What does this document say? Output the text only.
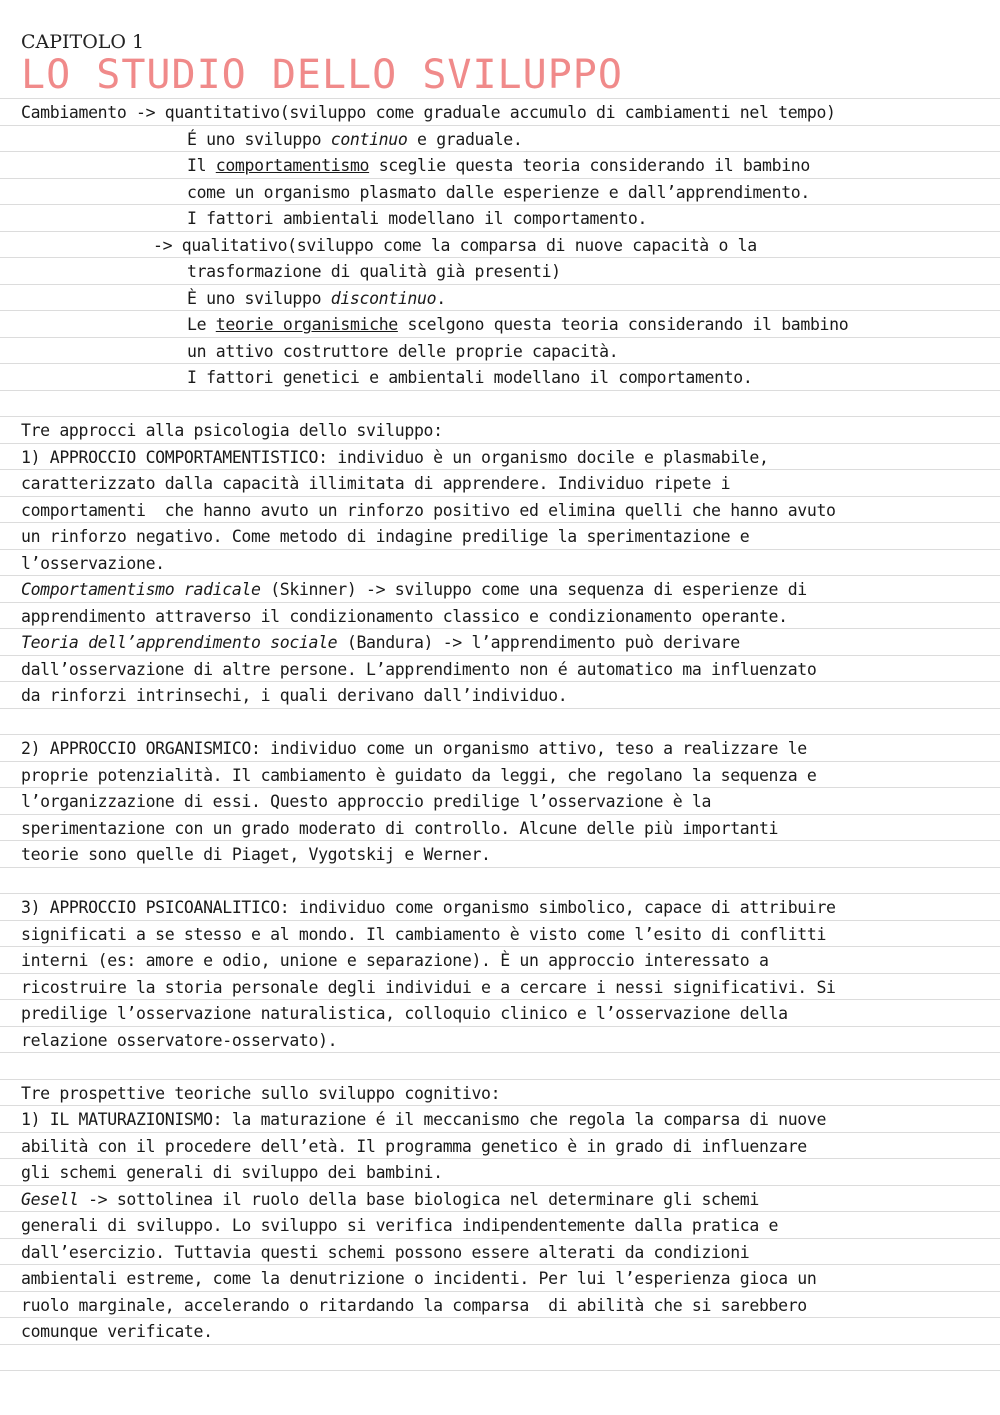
CAPITOLO 1
LO STUDIO DELLO SVILUPPO
Cambiamento -> quantitativo(sviluppo come graduale accumulo di cambiamenti nel tempo)
É uno sviluppo continuo e graduale.
Il comportamentismo sceglie questa teoria considerando il bambino
come un organismo plasmato dalle esperienze e dall’apprendimento.
I fattori ambientali modellano il comportamento.
-> qualitativo(sviluppo come la comparsa di nuove capacità o la
trasformazione di qualità già presenti)
È uno sviluppo discontinuo.
Le teorie organismiche scelgono questa teoria considerando il bambino
un attivo costruttore delle proprie capacità.
I fattori genetici e ambientali modellano il comportamento.
Tre approcci alla psicologia dello sviluppo:
1) APPROCCIO COMPORTAMENTISTICO: individuo è un organismo docile e plasmabile,
caratterizzato dalla capacità illimitata di apprendere. Individuo ripete i
comportamenti  che hanno avuto un rinforzo positivo ed elimina quelli che hanno avuto
un rinforzo negativo. Come metodo di indagine predilige la sperimentazione e
l’osservazione.
Comportamentismo radicale (Skinner) -> sviluppo come una sequenza di esperienze di
apprendimento attraverso il condizionamento classico e condizionamento operante.
Teoria dell’apprendimento sociale (Bandura) -> l’apprendimento può derivare
dall’osservazione di altre persone. L’apprendimento non é automatico ma influenzato
da rinforzi intrinsechi, i quali derivano dall’individuo.
2) APPROCCIO ORGANISMICO: individuo come un organismo attivo, teso a realizzare le
proprie potenzialità. Il cambiamento è guidato da leggi, che regolano la sequenza e
l’organizzazione di essi. Questo approccio predilige l’osservazione è la
sperimentazione con un grado moderato di controllo. Alcune delle più importanti
teorie sono quelle di Piaget, Vygotskij e Werner.
3) APPROCCIO PSICOANALITICO: individuo come organismo simbolico, capace di attribuire
significati a se stesso e al mondo. Il cambiamento è visto come l’esito di conflitti
interni (es: amore e odio, unione e separazione). È un approccio interessato a
ricostruire la storia personale degli individui e a cercare i nessi significativi. Si
predilige l’osservazione naturalistica, colloquio clinico e l’osservazione della
relazione osservatore-osservato).
Tre prospettive teoriche sullo sviluppo cognitivo:
1) IL MATURAZIONISMO: la maturazione é il meccanismo che regola la comparsa di nuove
abilità con il procedere dell’età. Il programma genetico è in grado di influenzare
gli schemi generali di sviluppo dei bambini.
Gesell -> sottolinea il ruolo della base biologica nel determinare gli schemi
generali di sviluppo. Lo sviluppo si verifica indipendentemente dalla pratica e
dall’esercizio. Tuttavia questi schemi possono essere alterati da condizioni
ambientali estreme, come la denutrizione o incidenti. Per lui l’esperienza gioca un
ruolo marginale, accelerando o ritardando la comparsa  di abilità che si sarebbero
comunque verificate.
